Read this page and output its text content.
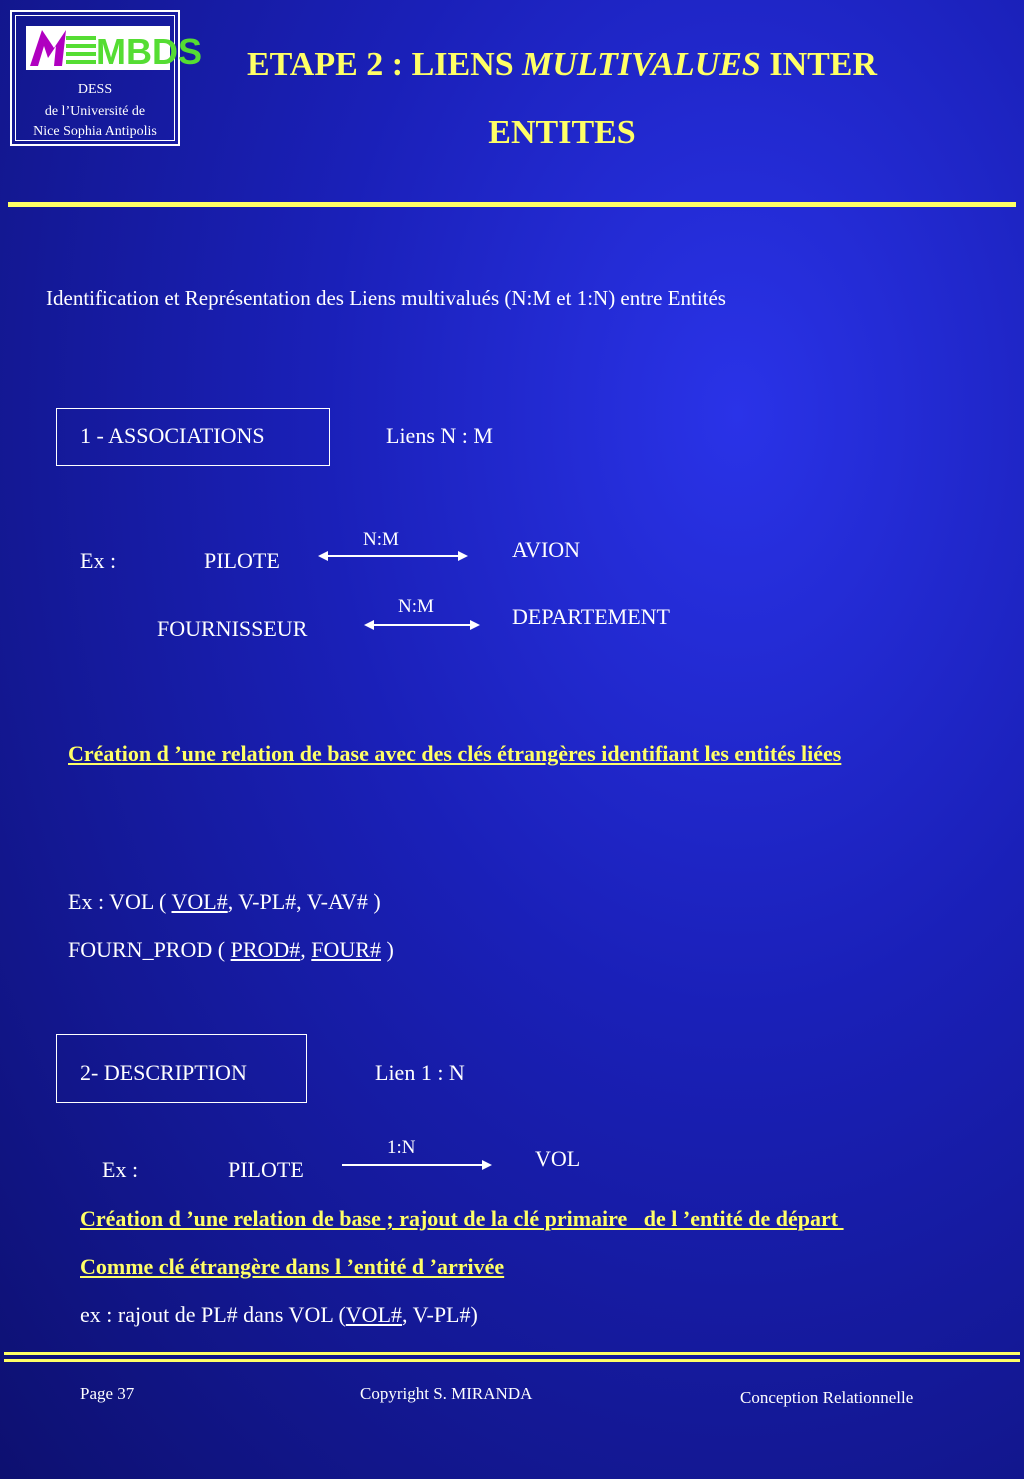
MBDS
DESS
de l’Université de
Nice Sophia Antipolis
ETAPE 2 : LIENS MULTIVALUES INTER
ENTITES
Identification et Représentation des Liens multivalués (N:M et 1:N) entre Entités
1 - ASSOCIATIONS	Liens N : M
Ex :	PILOTE
N:M	AVION
FOURNISSEUR
N:M	DEPARTEMENT
Création d ’une relation de base avec des clés étrangères identifiant les entités liées
Ex : VOL ( VOL#, V-PL#, V-AV# )
FOURN_PROD ( PROD#, FOUR# )
2- DESCRIPTION	Lien 1 : N
Ex :	PILOTE
1:N	VOL
Création d ’une relation de base ; rajout de la clé primaire   de l ’entité de départ
Comme clé étrangère dans l ’entité d ’arrivée
ex : rajout de PL# dans VOL (VOL#, V-PL#)
Page 37	Copyright S. MIRANDA	Conception Relationnelle
